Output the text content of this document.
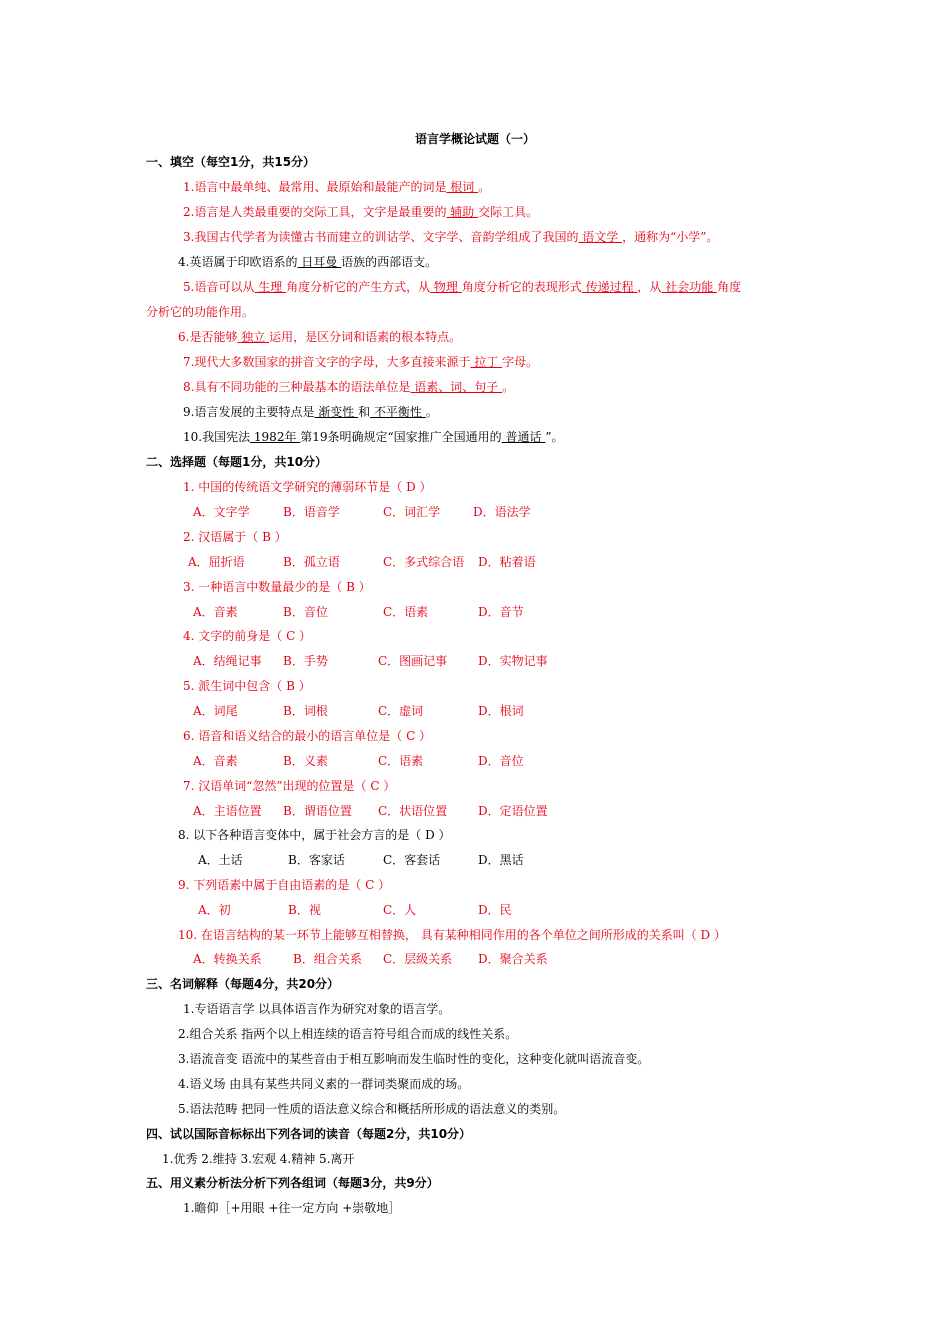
语言学概论试题（一）
一、填空（每空1分，共15分）
1.语言中最单纯、最常用、最原始和最能产的词是 根词 。
2.语言是人类最重要的交际工具，文字是最重要的 辅助 交际工具。
3.我国古代学者为读懂古书而建立的训诂学、文字学、音韵学组成了我国的 语文学 ，通称为“小学”。
4.英语属于印欧语系的 日耳曼 语族的西部语支。
5.语音可以从 生理 角度分析它的产生方式，从 物理 角度分析它的表现形式 传递过程 ，从 社会功能 角度
分析它的功能作用。
6.是否能够 独立 运用，是区分词和语素的根本特点。
7.现代大多数国家的拼音文字的字母，大多直接来源于 拉丁 字母。
8.具有不同功能的三种最基本的语法单位是 语素、词、句子 。
9.语言发展的主要特点是 渐变性 和 不平衡性 。
10.我国宪法 1982年 第19条明确规定“国家推广全国通用的 普通话 ”。
二、选择题（每题1分，共10分）
1. 中国的传统语文学研究的薄弱环节是（ D ）
A．文字学	B．语音学	C．词汇学	D．语法学
2. 汉语属于（ B ）
A．屈折语	B．孤立语	C．多式综合语 D．粘着语
3. 一种语言中数量最少的是（ B ）
A．音素	B．音位	C．语素	D．音节
4. 文字的前身是（ C ）
A．结绳记事 B．手势	C．图画记事	D．实物记事
5. 派生词中包含（ B ）
A．词尾	B．词根	C．虚词	D．根词
6. 语音和语义结合的最小的语言单位是（ C ）
A．音素	B．义素	C．语素	D．音位
7. 汉语单词“忽然”出现的位置是（ C ）
A．主语位置 B．谓语位置 C．状语位置	D．定语位置
8. 以下各种语言变体中，属于社会方言的是（ D ）
A．土话	B．客家话	C．客套话	D．黑话
9. 下列语素中属于自由语素的是（ C ）
A．初	B．视	C．人	D．民
10. 在语言结构的某一环节上能够互相替换， 具有某种相同作用的各个单位之间所形成的关系叫（ D ）
A．转换关系	B．组合关系 C．层级关系 D．聚合关系
三、名词解释（每题4分，共20分）
1.专语语言学 以具体语言作为研究对象的语言学。
2.组合关系 指两个以上相连续的语言符号组合而成的线性关系。
3.语流音变 语流中的某些音由于相互影响而发生临时性的变化，这种变化就叫语流音变。
4.语义场 由具有某些共同义素的一群词类聚而成的场。
5.语法范畴 把同一性质的语法意义综合和概括所形成的语法意义的类别。
四、试以国际音标标出下列各词的读音（每题2分，共10分）
1.优秀 2.维持 3.宏观 4.精神 5.离开
五、用义素分析法分析下列各组词（每题3分，共9分）
1.瞻仰［+用眼 +往一定方向 +崇敬地］
